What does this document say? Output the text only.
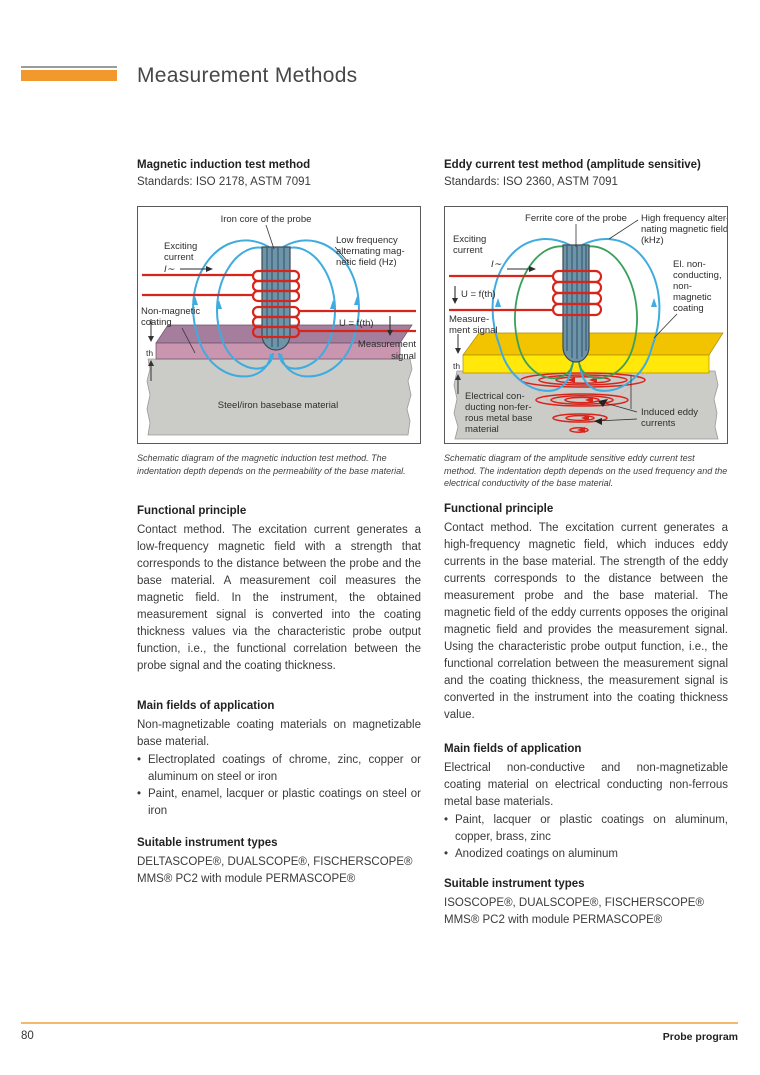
Measurement Methods
Magnetic induction test method

Standards: ISO 2178, ASTM 7091

Iron core of the probe
Exciting
current
I∼
Low frequency
alternating mag-
netic field (Hz)
Non-magnetic
coating	U = f(th)
Measurement
signal
th
Steel/iron basebase material

Schematic diagram of the magnetic induction test method. The indentation depth depends on the permeability of the base material.

Functional principle

Contact method. The excitation current generates a low-frequency magnetic field with a strength that corresponds to the distance between the probe and the base material. A measurement coil measures the magnetic field. In the instrument, the obtained measurement signal is converted into the coating thickness values via the characteristic probe output function, i.e., the functional correlation between the probe signal and the coating thickness.

Main fields of application

Non-magnetizable coating materials on magnetizable base material.

• Electroplated coatings of chrome, zinc, copper or aluminum on steel or iron
• Paint, enamel, lacquer or plastic coatings on steel or iron
Suitable instrument types

DELTASCOPE®, DUALSCOPE®, FISCHERSCOPE®

MMS® PC2 with module PERMASCOPE®

Eddy current test method (amplitude sensitive)

Standards: ISO 2360, ASTM 7091

Ferrite core of the probe High frequency alter-
nating magnetic field
(kHz)
Exciting
current
I∼
U = f(th)
Measure-
ment signal
El. non-
conducting,
non-
magnetic
coating
th
Electrical con-
ducting non-fer-
rous metal base
material
Induced eddy
currents

Schematic diagram of the amplitude sensitive eddy current test method. The indentation depth depends on the used frequency and the electrical conductivity of the base material.

Functional principle

Contact method. The excitation current generates a high-frequency magnetic field, which induces eddy currents in the base material. The strength of the eddy currents corresponds to the distance between the measurement probe and the base material. The magnetic field of the eddy currents opposes the original magnetic field and provides the measurement signal. Using the characteristic probe output function, i.e., the functional correlation between the measurement signal and the coating thickness, the measurement signal is converted in the instrument into the coating thickness value.

Main fields of application

Electrical non-conductive and non-magnetizable coating material on electrical conducting non-ferrous metal base materials.

• Paint, lacquer or plastic coatings on aluminum, copper, brass, zinc
• Anodized coatings on aluminum
Suitable instrument types

ISOSCOPE®, DUALSCOPE®, FISCHERSCOPE®

MMS® PC2 with module PERMASCOPE®

80	Probe program
